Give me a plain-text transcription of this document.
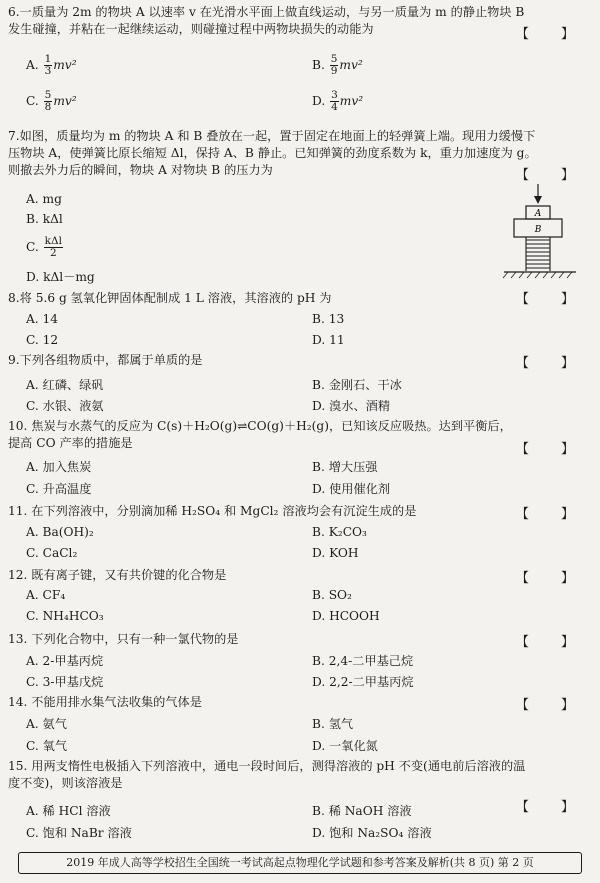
6.一质量为 2m 的物块 A 以速率 v 在光滑水平面上做直线运动，与另一质量为 m 的静止物块 B
发生碰撞，并粘在一起继续运动，则碰撞过程中两物块损失的动能为	【 】
A. $\frac{1}{3} mv^2$	B. $\frac{5}{9} mv^2$
C. $\frac{5}{8} mv^2$	D. $\frac{3}{4} mv^2$
7.如图，质量均为 m 的物块 A 和 B 叠放在一起，置于固定在地面上的轻弹簧上端。现用力缓慢下
压物块 A，使弹簧比原长缩短 Δl，保持 A、B 静止。已知弹簧的劲度系数为 k，重力加速度为 g。
则撤去外力后的瞬间，物块 A 对物块 B 的压力为	【 】
A. mg
B. kΔl
C. $\frac{\text{kΔl}}{2}$
D. kΔl－mg
A
B
【 】
8.将 5.6 g 氢氧化钾固体配制成 1 L 溶液，其溶液的 pH 为
A. 14	B. 13
C. 12	D. 11
9.下列各组物质中，都属于单质的是	【 】
A. 红磷、绿矾	B. 金刚石、干冰
C. 水银、液氨	D. 溴水、酒精
10. 焦炭与水蒸气的反应为 C(s)＋H₂O(g)⇌CO(g)＋H₂(g)，已知该反应吸热。达到平衡后，
提高 CO 产率的措施是	【 】
A. 加入焦炭	B. 增大压强
C. 升高温度	D. 使用催化剂
11. 在下列溶液中，分别滴加稀 H₂SO₄ 和 MgCl₂ 溶液均会有沉淀生成的是	【 】
A. Ba(OH)₂	B. K₂CO₃
C. CaCl₂	D. KOH
12. 既有离子键，又有共价键的化合物是	【 】
A. CF₄	B. SO₂
C. NH₄HCO₃	D. HCOOH
13. 下列化合物中，只有一种一氯代物的是	【 】
A. 2-甲基丙烷	B. 2,4-二甲基己烷
C. 3-甲基戊烷	D. 2,2-二甲基丙烷
14. 不能用排水集气法收集的气体是	【 】
A. 氨气	B. 氢气
C. 氧气	D. 一氧化氮
15. 用两支惰性电极插入下列溶液中，通电一段时间后，测得溶液的 pH 不变(通电前后溶液的温
度不变)，则该溶液是
【 】
A. 稀 HCl 溶液	B. 稀 NaOH 溶液
C. 饱和 NaBr 溶液	D. 饱和 Na₂SO₄ 溶液
2019 年成人高等学校招生全国统一考试高起点物理化学试题和参考答案及解析(共 8 页) 第 2 页
